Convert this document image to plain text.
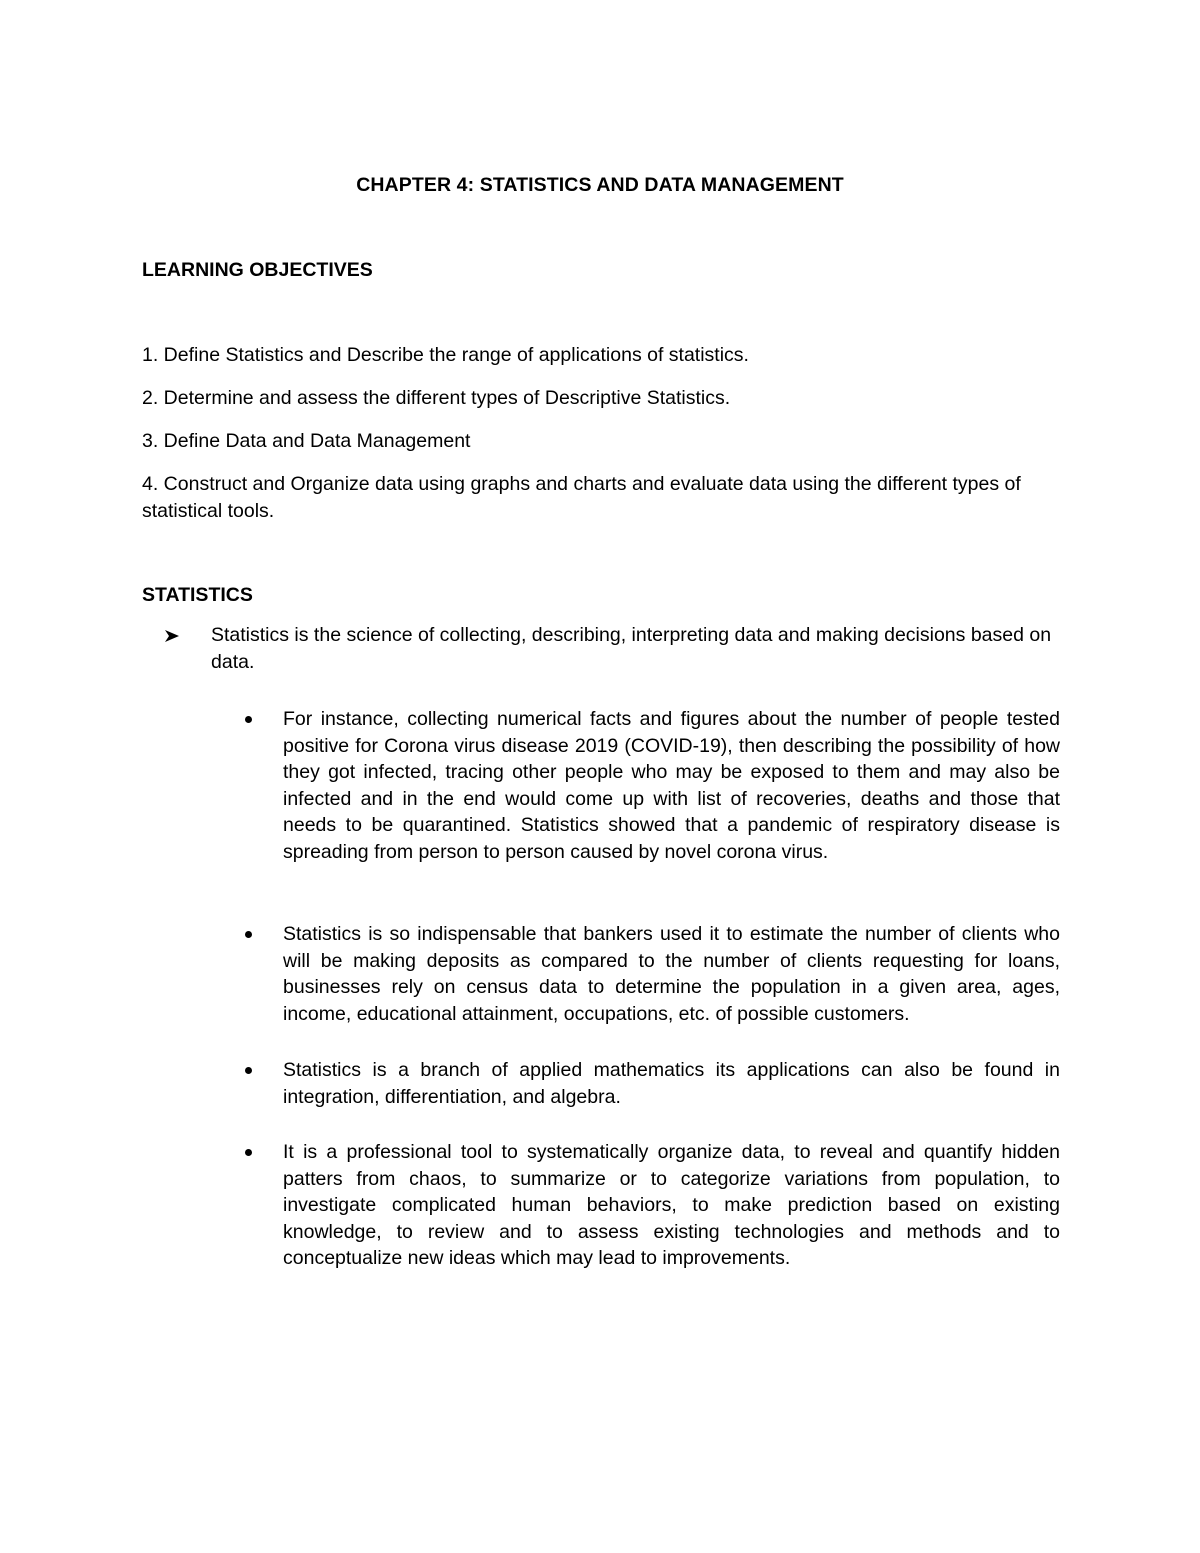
CHAPTER 4: STATISTICS AND DATA MANAGEMENT
LEARNING OBJECTIVES
1. Define Statistics and Describe the range of applications of statistics.
2. Determine and assess the different types of Descriptive Statistics.
3. Define Data and Data Management
4. Construct and Organize data using graphs and charts and evaluate data using the different types of statistical tools.
STATISTICS
Statistics is the science of collecting, describing, interpreting data and making decisions based on data.
For instance, collecting numerical facts and figures about the number of people tested positive for Corona virus disease 2019 (COVID-19), then describing the possibility of how they got infected, tracing other people who may be exposed to them and may also be infected and in the end would come up with list of recoveries, deaths and those that needs to be quarantined. Statistics showed that a pandemic of respiratory disease is spreading from person to person caused by novel corona virus.
Statistics is so indispensable that bankers used it to estimate the number of clients who will be making deposits as compared to the number of clients requesting for loans, businesses rely on census data to determine the population in a given area, ages, income, educational attainment, occupations, etc. of possible customers.
Statistics is a branch of applied mathematics its applications can also be found in integration, differentiation, and algebra.
It is a professional tool to systematically organize data, to reveal and quantify hidden patters from chaos, to summarize or to categorize variations from population, to investigate complicated human behaviors, to make prediction based on existing knowledge, to review and to assess existing technologies and methods and to conceptualize new ideas which may lead to improvements.
